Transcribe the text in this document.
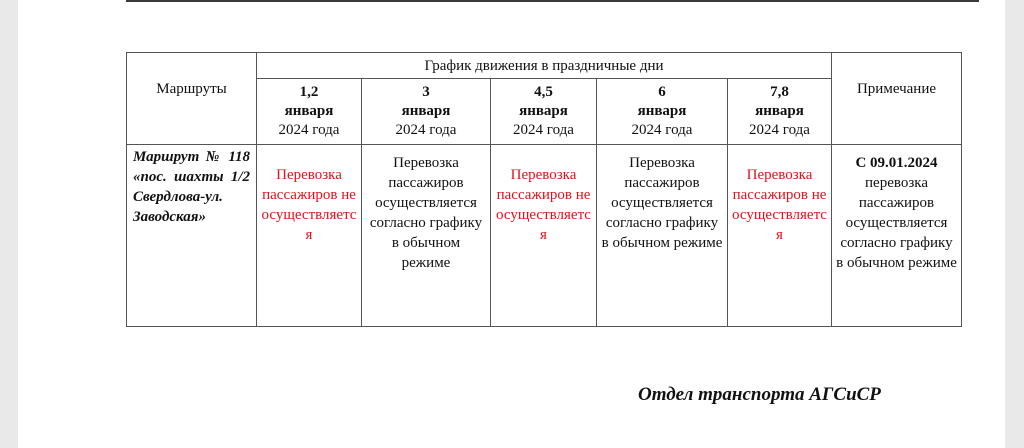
Маршруты	График движения в праздничные дни					Примечание

	1,2
января
2024 года	3
января
2024 года	4,5
января
2024 года	6
января
2024 года	7,8
января
2024 года	
Маршрут № 118 «пос. шахты 1/2 Свердлова-ул. Заводская»	Перевозка пассажиров не осуществляется	Перевозка пассажиров осуществляется согласно графику в обычном режиме	Перевозка пассажиров не осуществляется	Перевозка пассажиров осуществляется согласно графику в обычном режиме	Перевозка пассажиров не осуществляется	С 09.01.2024
перевозка пассажиров осуществляется согласно графику в обычном режиме
Отдел транспорта АГСиСР
